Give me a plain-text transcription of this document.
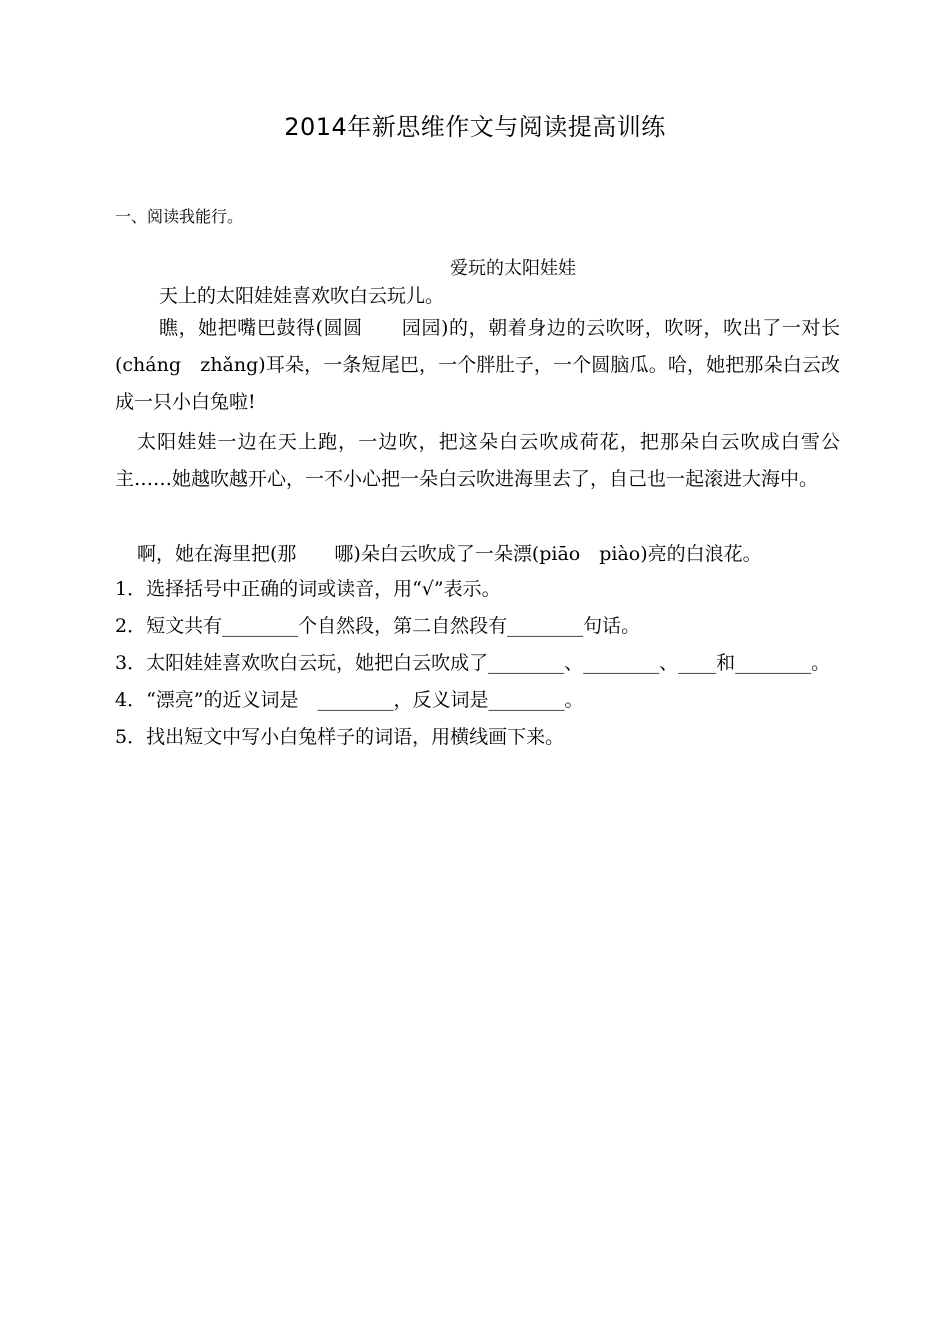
2014年新思维作文与阅读提高训练
一、阅读我能行。
爱玩的太阳娃娃
天上的太阳娃娃喜欢吹白云玩儿。
瞧，她把嘴巴鼓得(圆圆　　园园)的，朝着身边的云吹呀，吹呀，吹出了一对长(cháng　zhǎng)耳朵，一条短尾巴，一个胖肚子，一个圆脑瓜。哈，她把那朵白云改成一只小白兔啦!
太阳娃娃一边在天上跑，一边吹，把这朵白云吹成荷花，把那朵白云吹成白雪公主……她越吹越开心，一不小心把一朵白云吹进海里去了，自己也一起滚进大海中。
啊，她在海里把(那　　哪)朵白云吹成了一朵漂(piāo　piào)亮的白浪花。
1．选择括号中正确的词或读音，用“√”表示。
2．短文共有________个自然段，第二自然段有________句话。
3．太阳娃娃喜欢吹白云玩，她把白云吹成了________、________、____和________。
4．“漂亮”的近义词是　________，反义词是________。
5．找出短文中写小白兔样子的词语，用横线画下来。
